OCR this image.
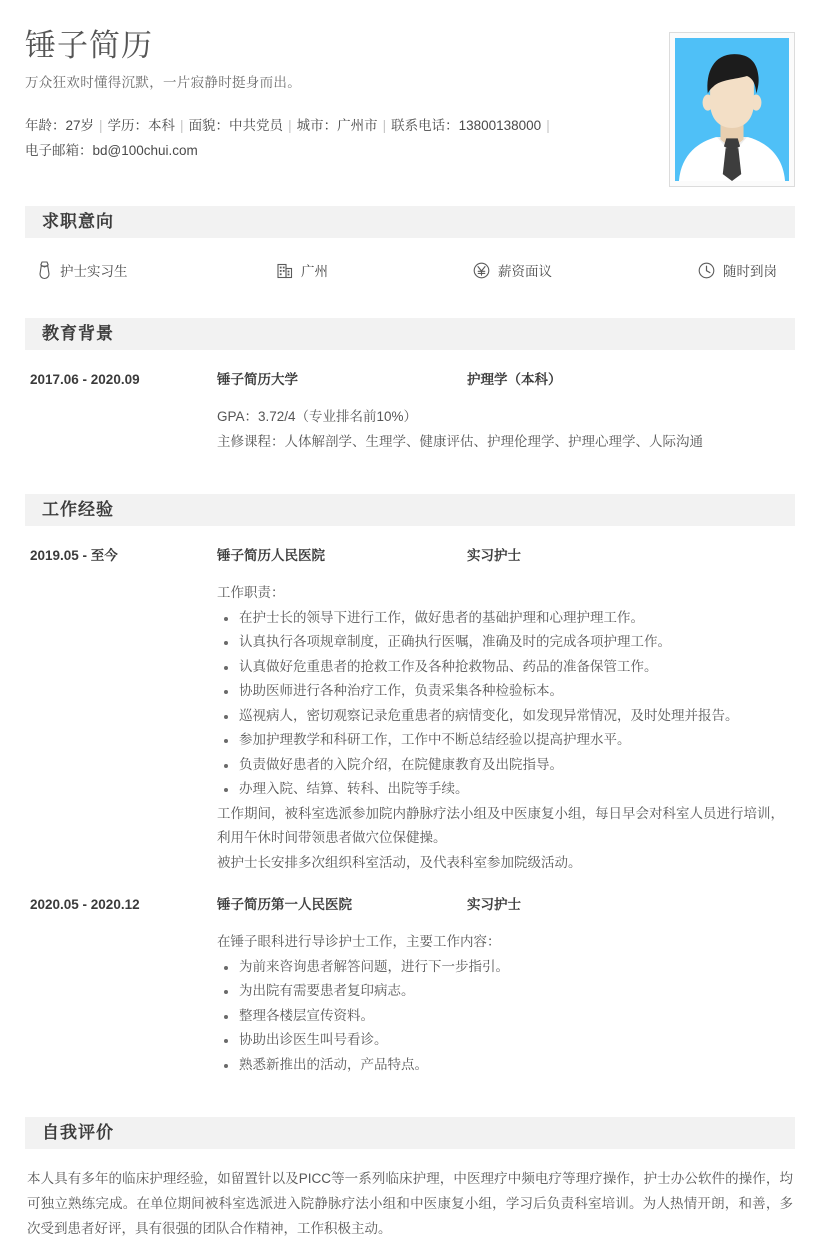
锤子简历

万众狂欢时懂得沉默，一片寂静时挺身而出。

年龄：27岁 | 学历：本科 | 面貌：中共党员 | 城市：广州市 | 联系电话：13800138000 |
电子邮箱：bd@100chui.com
求职意向
护士实习生	广州	薪资面议	随时到岗
教育背景
2017.06 - 2020.09	锤子简历大学	护理学（本科）
GPA：3.72/4（专业排名前10%）
主修课程：人体解剖学、生理学、健康评估、护理伦理学、护理心理学、人际沟通
工作经验
2019.05 - 至今	锤子简历人民医院	实习护士
工作职责：
在护士长的领导下进行工作，做好患者的基础护理和心理护理工作。
认真执行各项规章制度，正确执行医嘱，准确及时的完成各项护理工作。
认真做好危重患者的抢救工作及各种抢救物品、药品的准备保管工作。
协助医师进行各种治疗工作，负责采集各种检验标本。
巡视病人，密切观察记录危重患者的病情变化，如发现异常情况，及时处理并报告。
参加护理教学和科研工作，工作中不断总结经验以提高护理水平。
负责做好患者的入院介绍，在院健康教育及出院指导。
办理入院、结算、转科、出院等手续。
工作期间，被科室选派参加院内静脉疗法小组及中医康复小组，每日早会对科室人员进行培训，利用午休时间带领患者做穴位保健操。
被护士长安排多次组织科室活动，及代表科室参加院级活动。
2020.05 - 2020.12	锤子简历第一人民医院	实习护士
在锤子眼科进行导诊护士工作，主要工作内容：
为前来咨询患者解答问题，进行下一步指引。
为出院有需要患者复印病志。
整理各楼层宣传资料。
协助出诊医生叫号看诊。
熟悉新推出的活动，产品特点。
自我评价
本人具有多年的临床护理经验，如留置针以及PICC等一系列临床护理，中医理疗中频电疗等理疗操作，护士办公软件的操作，均可独立熟练完成。在单位期间被科室选派进入院静脉疗法小组和中医康复小组，学习后负责科室培训。为人热情开朗，和善，多次受到患者好评，具有很强的团队合作精神，工作积极主动。
